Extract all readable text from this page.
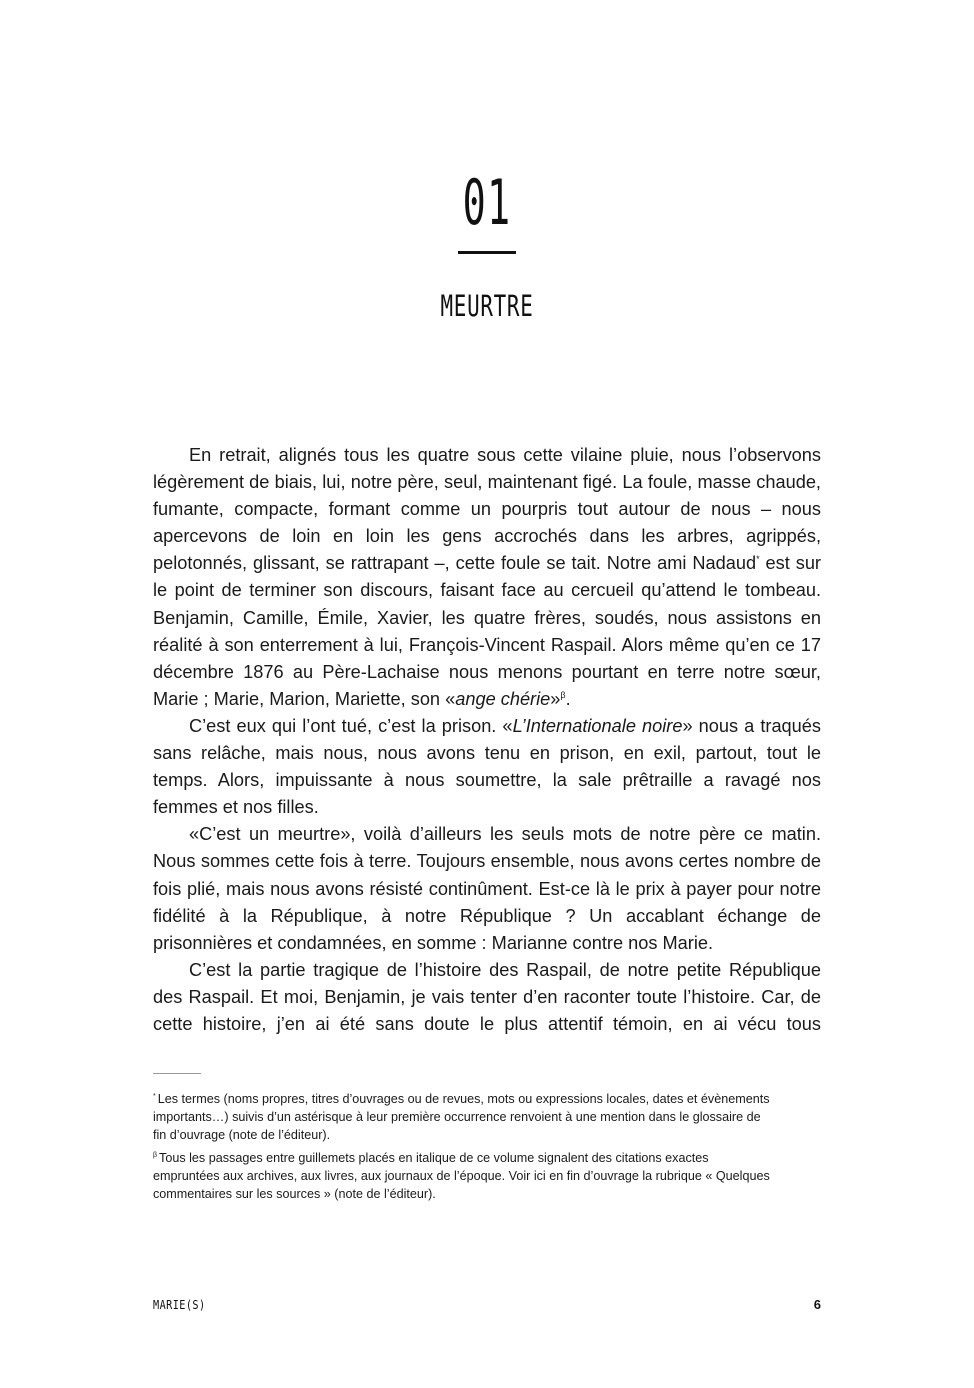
01
MEURTRE

En retrait, alignés tous les quatre sous cette vilaine pluie, nous l’observons légèrement de biais, lui, notre père, seul, maintenant figé. La foule, masse chaude, fumante, compacte, formant comme un pourpris tout autour de nous – nous apercevons de loin en loin les gens accrochés dans les arbres, agrippés, pelotonnés, glissant, se rattrapant –, cette foule se tait. Notre ami Nadaud* est sur le point de terminer son discours, faisant face au cercueil qu’attend le tombeau. Benjamin, Camille, Émile, Xavier, les quatre frères, soudés, nous assistons en réalité à son enterrement à lui, François-Vincent Raspail. Alors même qu’en ce 17 décembre 1876 au Père-Lachaise nous menons pourtant en terre notre sœur, Marie ; Marie, Marion, Mariette, son «ange chérie»$^\beta$.

C’est eux qui l’ont tué, c’est la prison. «L’Internationale noire» nous a traqués sans relâche, mais nous, nous avons tenu en prison, en exil, partout, tout le temps. Alors, impuissante à nous soumettre, la sale prêtraille a ravagé nos femmes et nos filles.

«C’est un meurtre», voilà d’ailleurs les seuls mots de notre père ce matin. Nous sommes cette fois à terre. Toujours ensemble, nous avons certes nombre de fois plié, mais nous avons résisté continûment. Est-ce là le prix à payer pour notre fidélité à la République, à notre République ? Un accablant échange de prisonnières et condamnées, en somme : Marianne contre nos Marie.

C’est la partie tragique de l’histoire des Raspail, de notre petite République des Raspail. Et moi, Benjamin, je vais tenter d’en raconter toute l’histoire. Car, de cette histoire, j’en ai été sans doute le plus attentif témoin, en ai vécu tous

* Les termes (noms propres, titres d’ouvrages ou de revues, mots ou expressions locales, dates et évènements importants…) suivis d’un astérisque à leur première occurrence renvoient à une mention dans le glossaire de fin d’ouvrage (note de l’éditeur).

$^\beta$ Tous les passages entre guillemets placés en italique de ce volume signalent des citations exactes empruntées aux archives, aux livres, aux journaux de l’époque. Voir ici en fin d’ouvrage la rubrique « Quelques commentaires sur les sources » (note de l’éditeur).

MARIE(S)	6
